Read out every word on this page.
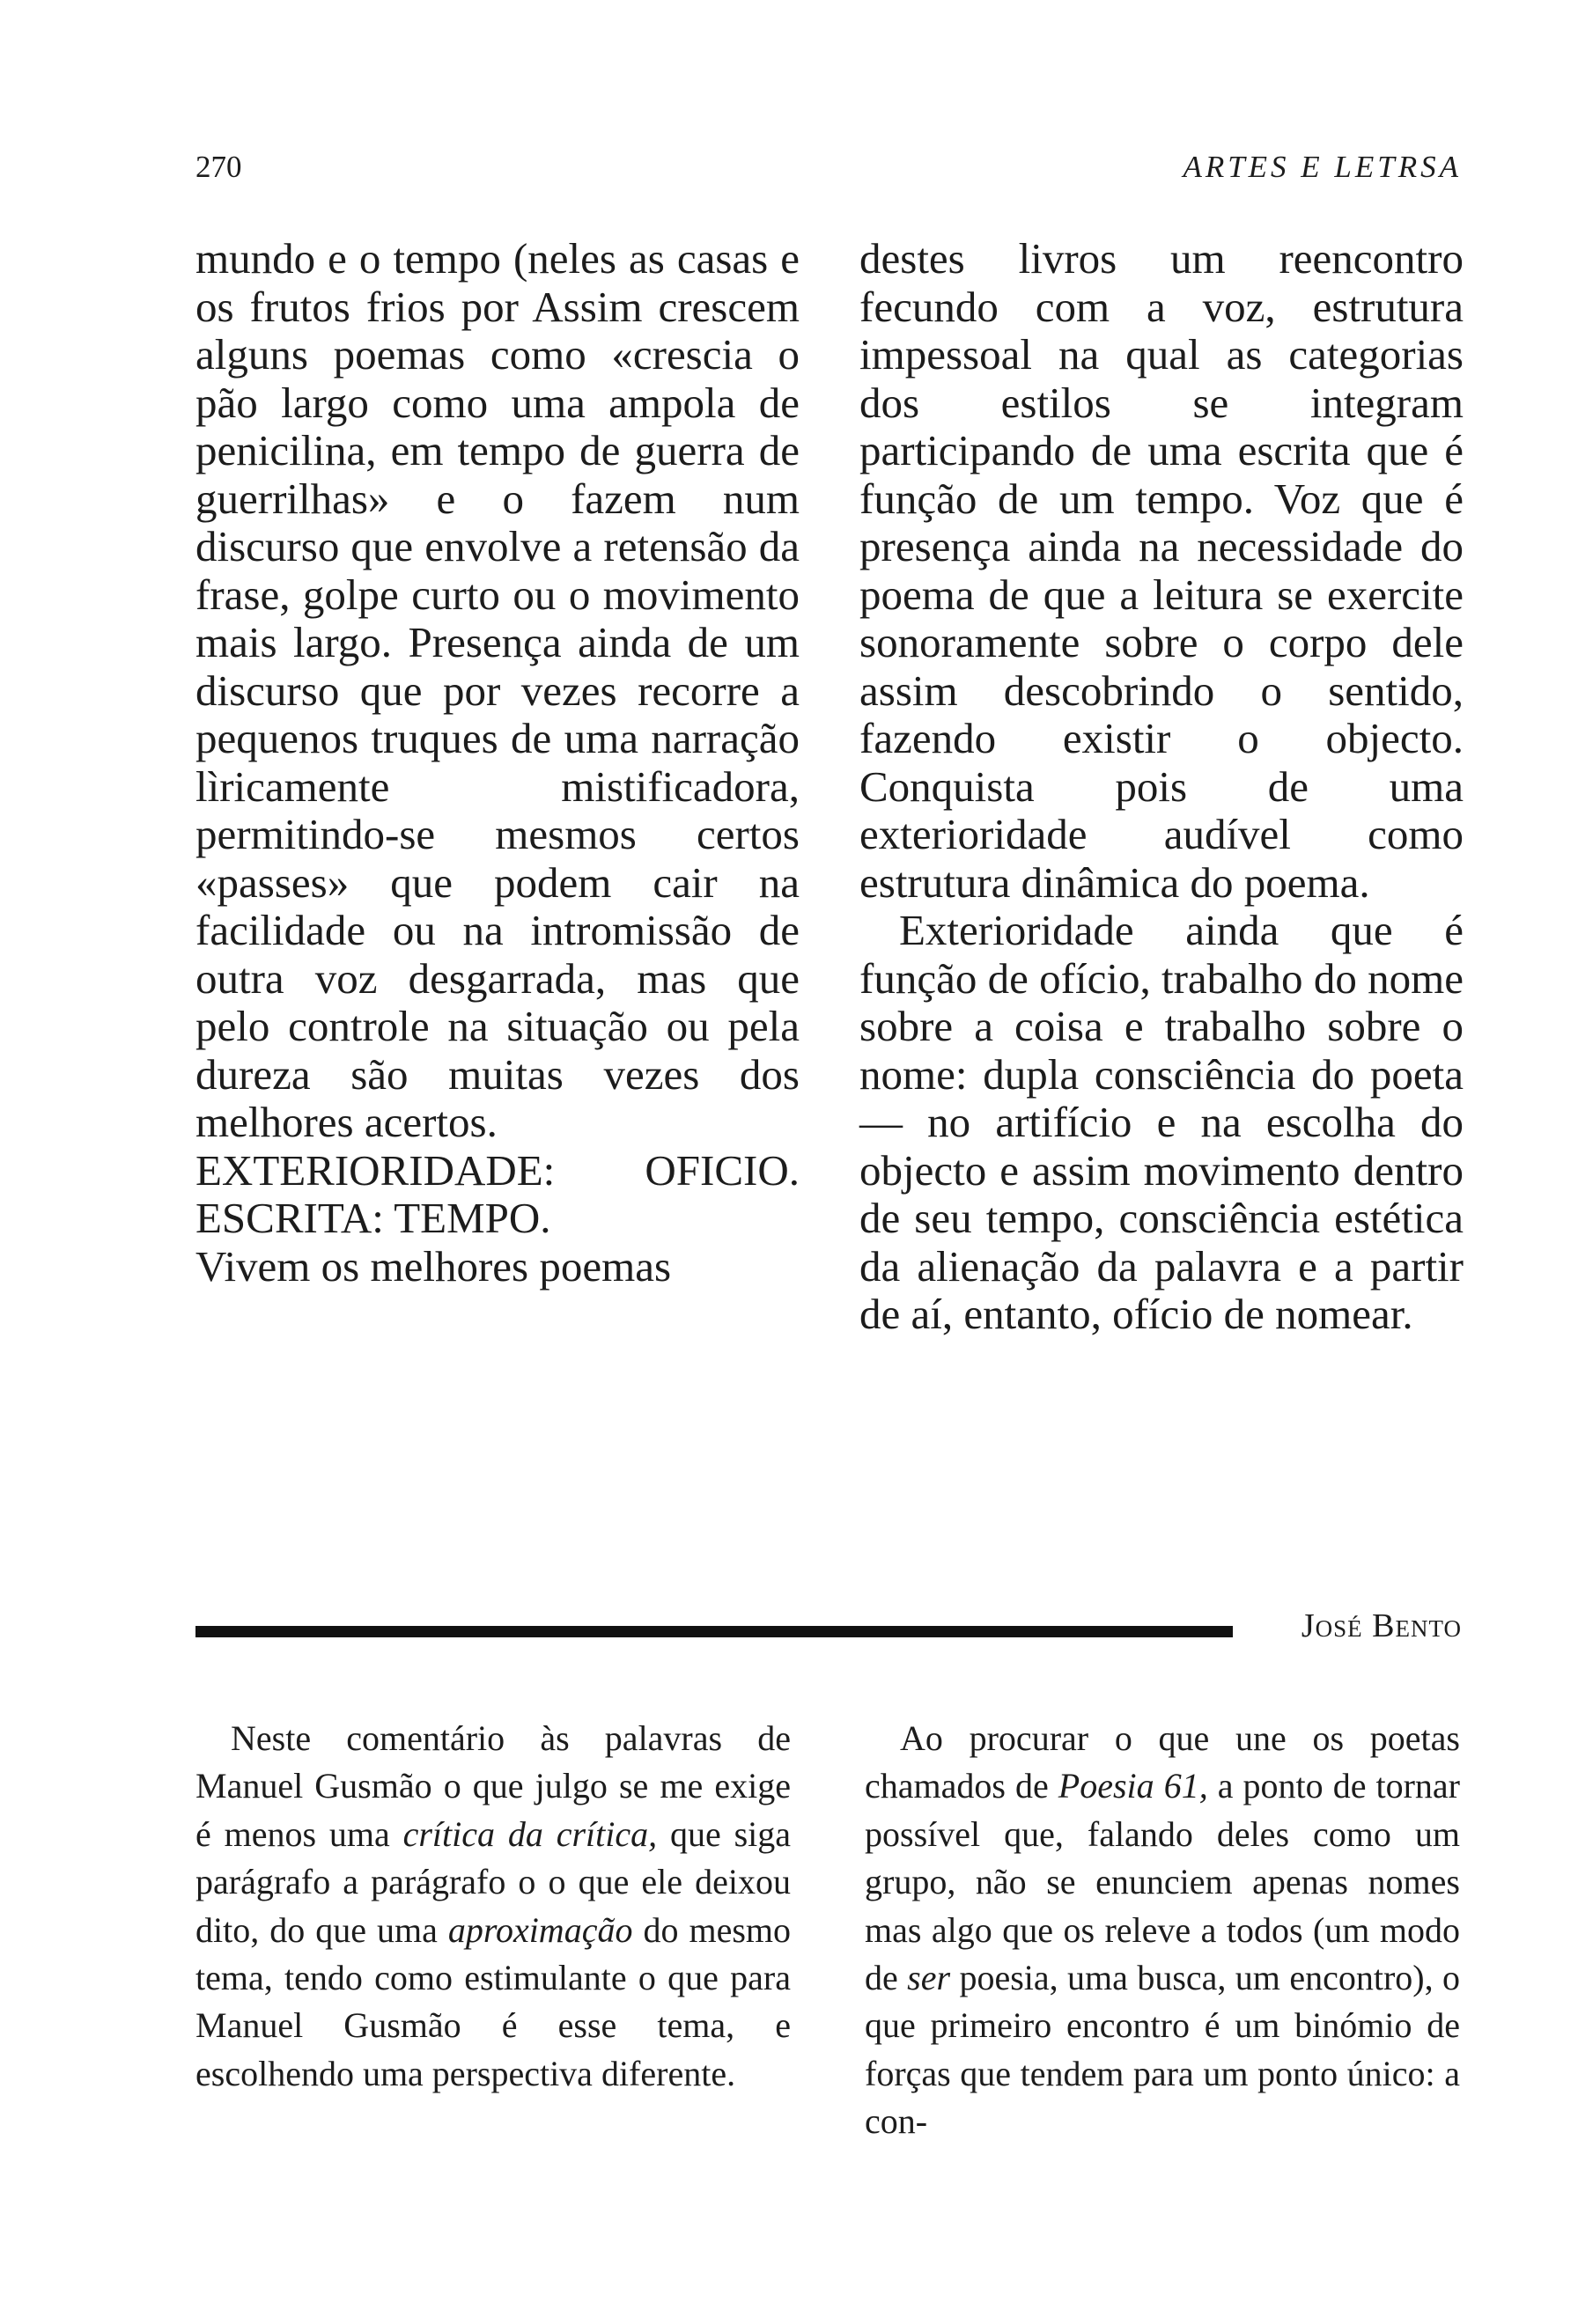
270	ARTES E LETRSA

mundo e o tempo (neles as casas e os frutos frios por Assim crescem alguns poemas como «crescia o pão largo como uma ampola de penicilina, em tempo de guerra de guerrilhas» e o fazem num discurso que envolve a retensão da frase, golpe curto ou o movimento mais largo. Presença ainda de um discurso que por vezes recorre a pequenos truques de uma narração lìricamente mistificadora, permitindo-se mesmos certos «passes» que podem cair na facilidade ou na intromissão de outra voz desgarrada, mas que pelo controle na situação ou pela dureza são muitas vezes dos melhores acertos.

EXTERIORIDADE: OFICIO. ESCRITA: TEMPO.

Vivem os melhores poemas

destes livros um reencontro fecundo com a voz, estrutura impessoal na qual as categorias dos estilos se integram participando de uma escrita que é função de um tempo. Voz que é presença ainda na necessidade do poema de que a leitura se exercite sonoramente sobre o corpo dele assim descobrindo o sentido, fazendo existir o objecto. Conquista pois de uma exterioridade audível como estrutura dinâmica do poema.

Exterioridade ainda que é função de ofício, trabalho do nome sobre a coisa e trabalho sobre o nome: dupla consciência do poeta — no artifício e na escolha do objecto e assim movimento dentro de seu tempo, consciência estética da alienação da palavra e a partir de aí, entanto, ofício de nomear.

José Bento

Neste comentário às palavras de Manuel Gusmão o que julgo se me exige é menos uma crítica da crítica, que siga parágrafo a parágrafo o o que ele deixou dito, do que uma aproximação do mesmo tema, tendo como estimulante o que para Manuel Gusmão é esse tema, e escolhendo uma perspectiva diferente.

Ao procurar o que une os poetas chamados de Poesia 61, a ponto de tornar possível que, falando deles como um grupo, não se enunciem apenas nomes mas algo que os releve a todos (um modo de ser poesia, uma busca, um encontro), o que primeiro encontro é um binómio de forças que tendem para um ponto único: a con-
